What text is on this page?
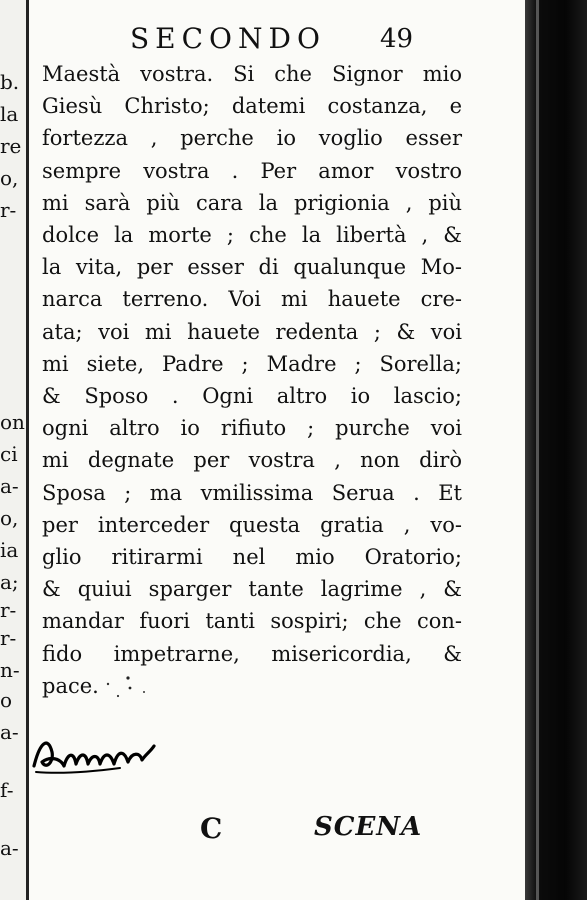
b.
la
re
o,
r-
on
ci
a-
o,
ia
a;
r-
r-
n-
o
a-
f-
a-
SECONDO 49
Maestà vostra. Si che Signor mio
Giesù Christo; datemi costanza, e
fortezza , perche io voglio esser
sempre vostra . Per amor vostro
mi sarà più cara la prigionia , più
dolce la morte ; che la libertà , &
la vita, per esser di qualunque Mo-
narca terreno. Voi mi hauete cre-
ata; voi mi hauete redenta ; & voi
mi siete, Padre ; Madre ; Sorella;
& Sposo . Ogni altro io lascio;
ogni altro io rifiuto ; purche voi
mi degnate per vostra , non dirò
Sposa ; ma vmilissima Serua . Et
per interceder questa gratia , vo-
glio ritirarmi nel mio Oratorio;
& quiui sparger tante lagrime , &
mandar fuori tanti sospiri; che con-
fido impetrarne, misericordia, &
pace.
C	SCENA
